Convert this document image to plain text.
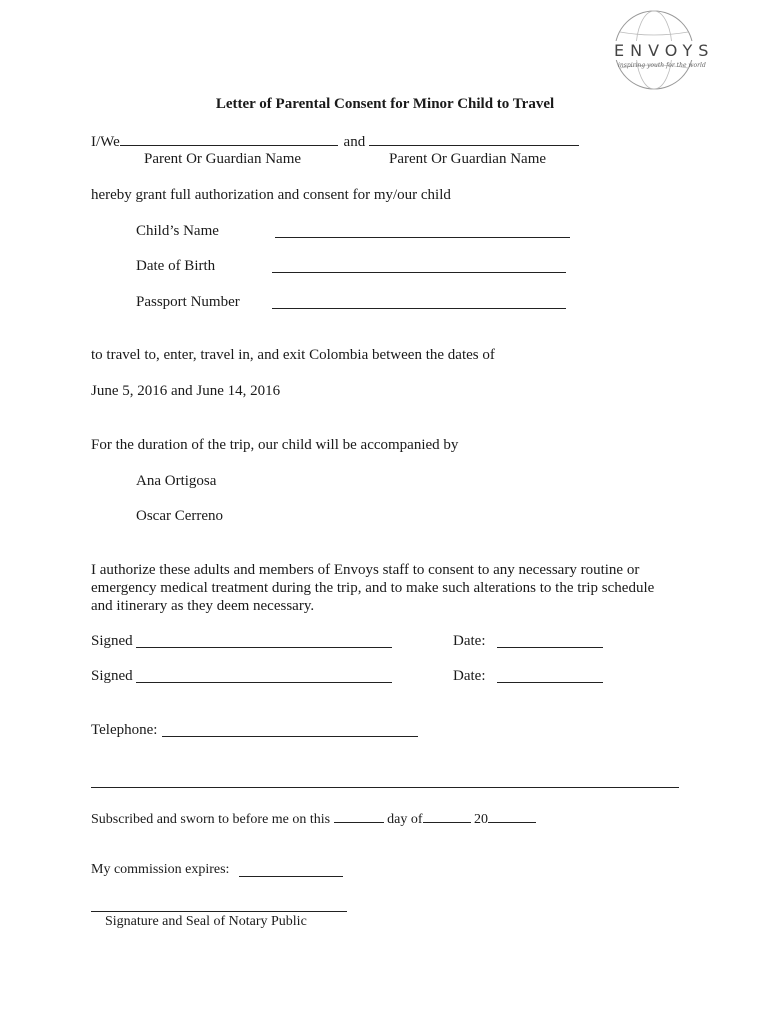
ENVOYS
inspiring youth for the world
Letter of Parental Consent for Minor Child to Travel
I/We	and
Parent Or Guardian Name	Parent Or Guardian Name
hereby grant full authorization and consent for my/our child
Child’s Name
Date of Birth
Passport Number
to travel to, enter, travel in, and exit Colombia between the dates of
June 5, 2016 and June 14, 2016
For the duration of the trip, our child will be accompanied by
Ana Ortigosa
Oscar Cerreno
I authorize these adults and members of Envoys staff to consent to any necessary routine or
emergency medical treatment during the trip, and to make such alterations to the trip schedule
and itinerary as they deem necessary.
Signed	Date:
Signed	Date:
Telephone:
Subscribed and sworn to before me on this	day of	20
My commission expires:
Signature and Seal of Notary Public
